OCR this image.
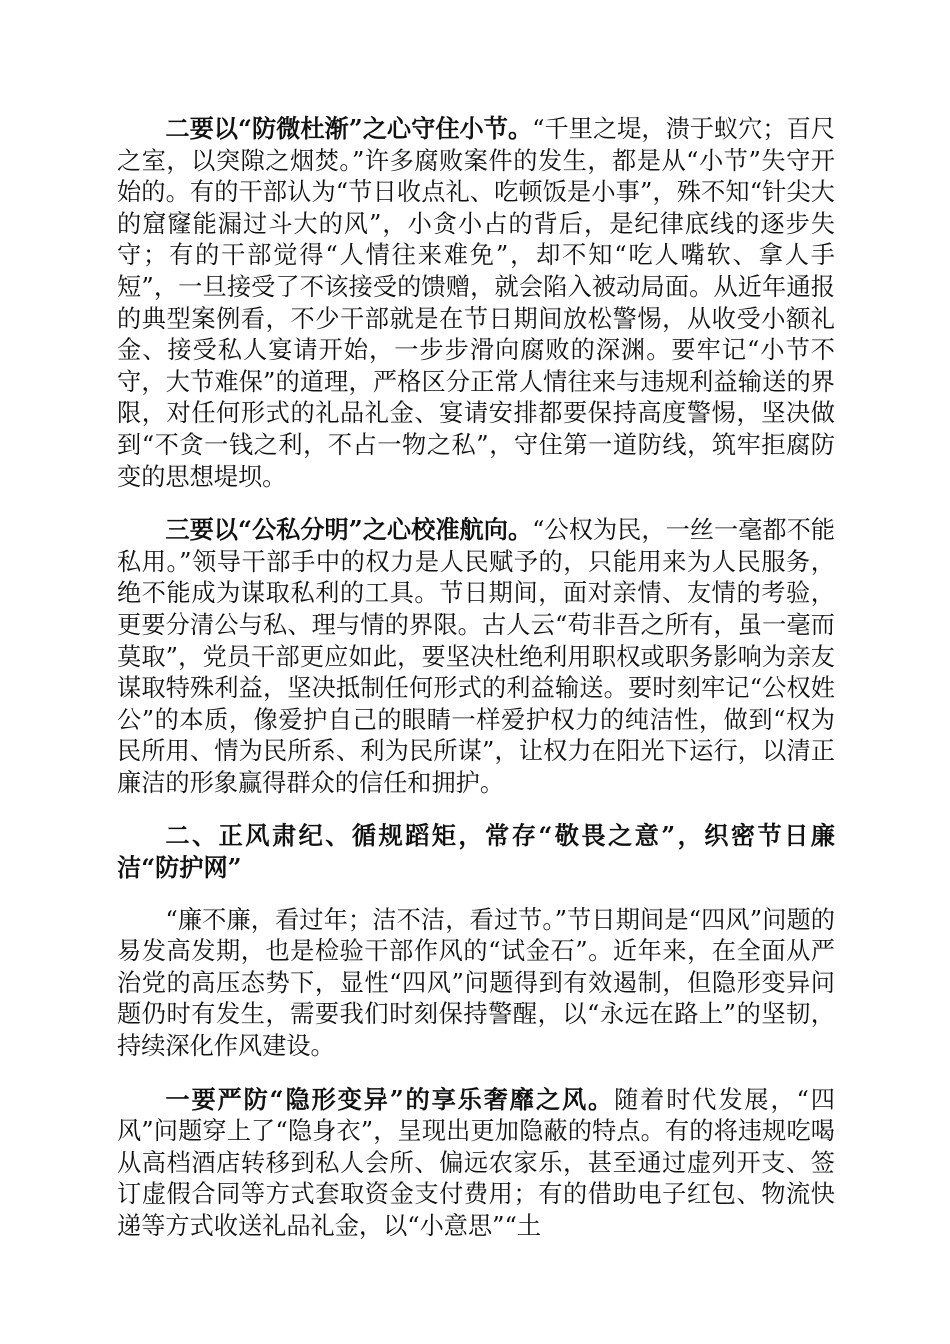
二要以“防微杜渐”之心守住小节。“千里之堤，溃于蚁穴；百尺之室，以突隙之烟焚。”许多腐败案件的发生，都是从“小节”失守开始的。有的干部认为“节日收点礼、吃顿饭是小事”，殊不知“针尖大的窟窿能漏过斗大的风”，小贪小占的背后，是纪律底线的逐步失守；有的干部觉得“人情往来难免”，却不知“吃人嘴软、拿人手短”，一旦接受了不该接受的馈赠，就会陷入被动局面。从近年通报的典型案例看，不少干部就是在节日期间放松警惕，从收受小额礼金、接受私人宴请开始，一步步滑向腐败的深渊。要牢记“小节不守，大节难保”的道理，严格区分正常人情往来与违规利益输送的界限，对任何形式的礼品礼金、宴请安排都要保持高度警惕，坚决做到“不贪一钱之利，不占一物之私”，守住第一道防线，筑牢拒腐防变的思想堤坝。

三要以“公私分明”之心校准航向。“公权为民，一丝一毫都不能私用。”领导干部手中的权力是人民赋予的，只能用来为人民服务，绝不能成为谋取私利的工具。节日期间，面对亲情、友情的考验，更要分清公与私、理与情的界限。古人云“苟非吾之所有，虽一毫而莫取”，党员干部更应如此，要坚决杜绝利用职权或职务影响为亲友谋取特殊利益，坚决抵制任何形式的利益输送。要时刻牢记“公权姓公”的本质，像爱护自己的眼睛一样爱护权力的纯洁性，做到“权为民所用、情为民所系、利为民所谋”，让权力在阳光下运行，以清正廉洁的形象赢得群众的信任和拥护。

二、正风肃纪、循规蹈矩，常存“敬畏之意”，织密节日廉洁“防护网”

“廉不廉，看过年；洁不洁，看过节。”节日期间是“四风”问题的易发高发期，也是检验干部作风的“试金石”。近年来，在全面从严治党的高压态势下，显性“四风”问题得到有效遏制，但隐形变异问题仍时有发生，需要我们时刻保持警醒，以“永远在路上”的坚韧，持续深化作风建设。

一要严防“隐形变异”的享乐奢靡之风。随着时代发展，“四风”问题穿上了“隐身衣”，呈现出更加隐蔽的特点。有的将违规吃喝从高档酒店转移到私人会所、偏远农家乐，甚至通过虚列开支、签订虚假合同等方式套取资金支付费用；有的借助电子红包、物流快递等方式收送礼品礼金，以“小意思”“土
